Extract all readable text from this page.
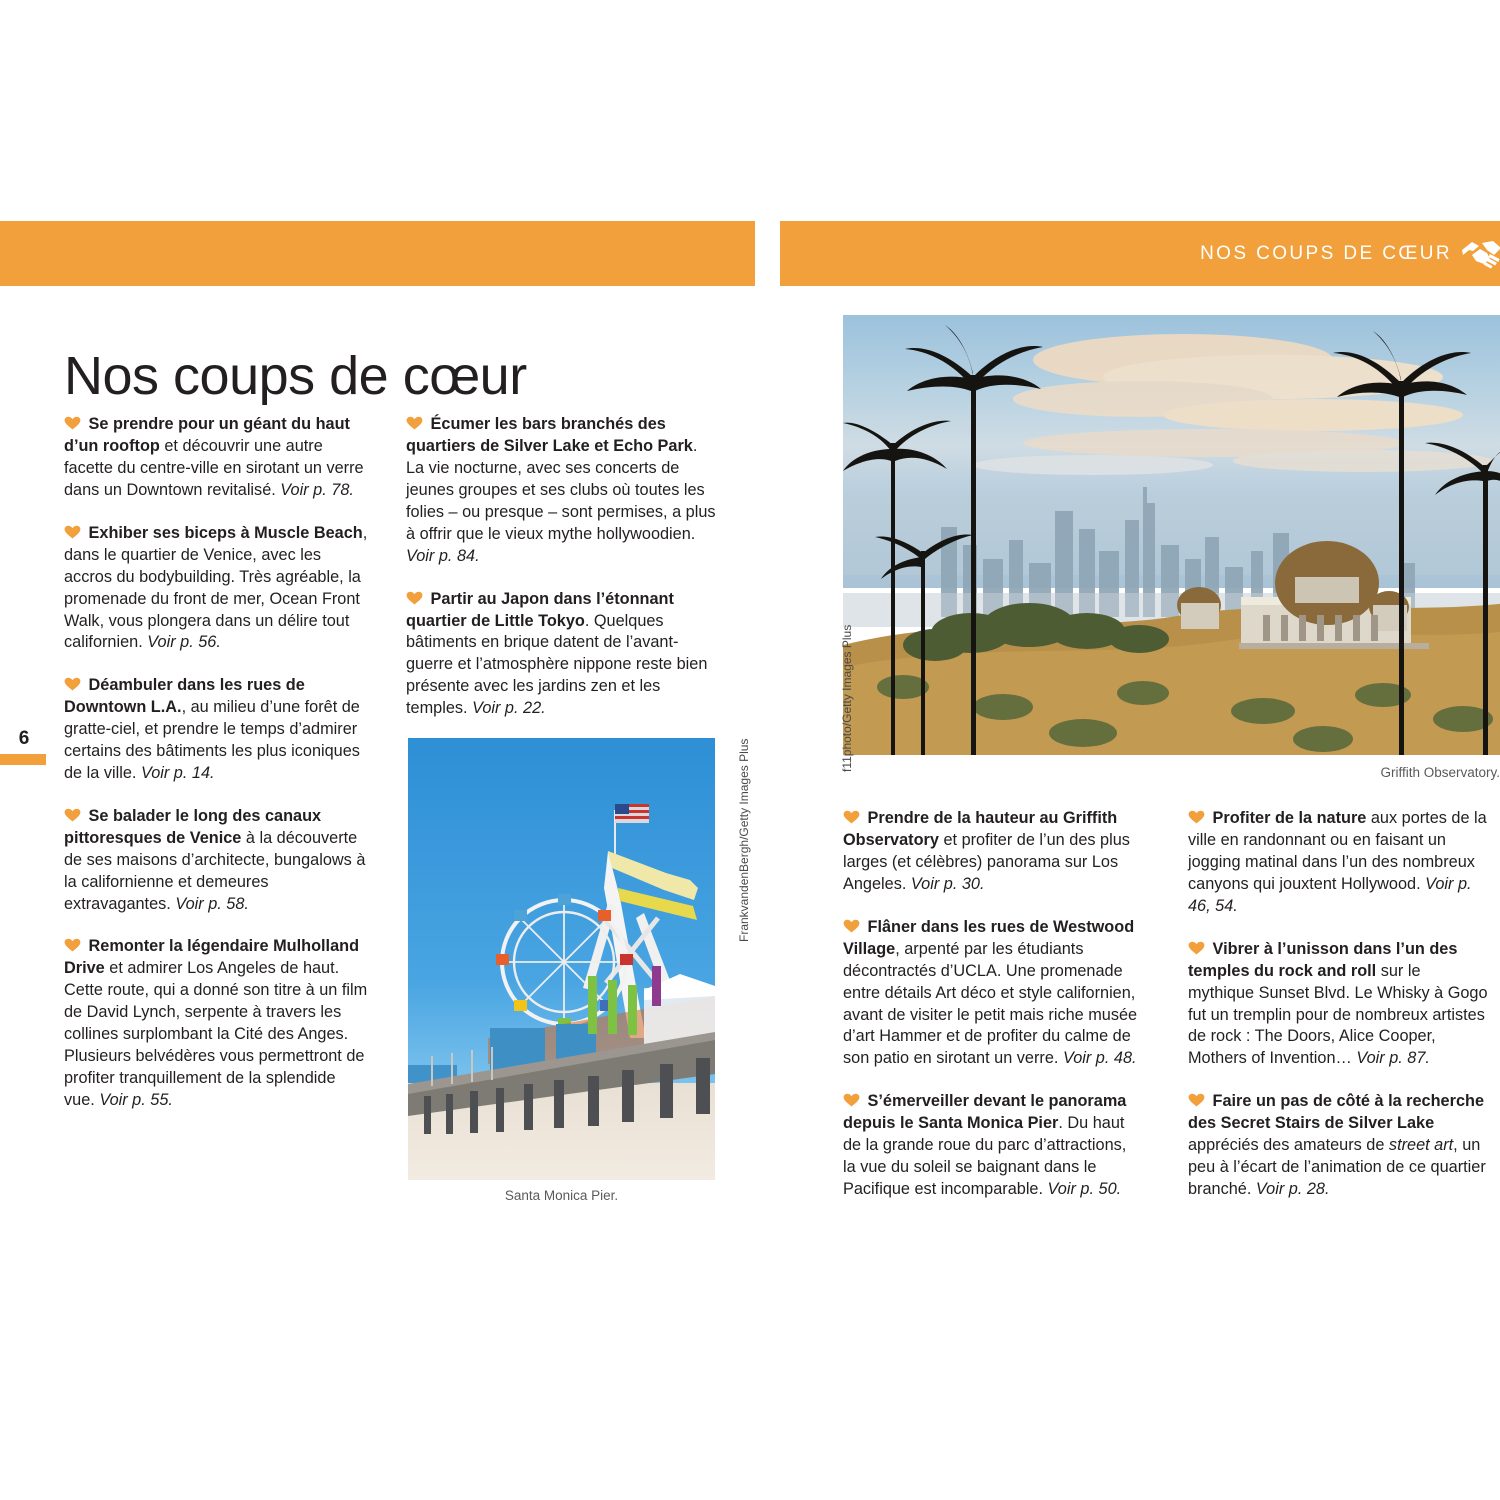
NOS COUPS DE CŒUR
6
Nos coups de cœur

Se prendre pour un géant du haut d’un rooftop et découvrir une autre facette du centre-ville en sirotant un verre dans un Downtown revitalisé. Voir p. 78.

Exhiber ses biceps à Muscle Beach, dans le quartier de Venice, avec les accros du bodybuilding. Très agréable, la promenade du front de mer, Ocean Front Walk, vous plongera dans un délire tout californien. Voir p. 56.

Déambuler dans les rues de Downtown L.A., au milieu d’une forêt de gratte-ciel, et prendre le temps d’admirer certains des bâtiments les plus iconiques de la ville. Voir p. 14.

Se balader le long des canaux pittoresques de Venice à la découverte de ses maisons d’architecte, bungalows à la californienne et demeures extravagantes. Voir p. 58.

Remonter la légendaire Mulholland Drive et admirer Los Angeles de haut. Cette route, qui a donné son titre à un film de David Lynch, serpente à travers les collines surplombant la Cité des Anges. Plusieurs belvédères vous permettront de profiter tranquillement de la splendide vue. Voir p. 55.

Écumer les bars branchés des quartiers de Silver Lake et Echo Park. La vie nocturne, avec ses concerts de jeunes groupes et ses clubs où toutes les folies – ou presque – sont permises, a plus à offrir que le vieux mythe hollywoodien. Voir p. 84.

Partir au Japon dans l’étonnant quartier de Little Tokyo. Quelques bâtiments en brique datent de l’avant-guerre et l’atmosphère nippone reste bien présente avec les jardins zen et les temples. Voir p. 22.

Santa Monica Pier.
FrankvandenBergh/Getty Images Plus	Griffith Observatory.
f11photo/Getty Images Plus

Prendre de la hauteur au Griffith Observatory et profiter de l’un des plus larges (et célèbres) panorama sur Los Angeles. Voir p. 30.

Flâner dans les rues de Westwood Village, arpenté par les étudiants décontractés d’UCLA. Une promenade entre détails Art déco et style californien, avant de visiter le petit mais riche musée d’art Hammer et de profiter du calme de son patio en sirotant un verre. Voir p. 48.

S’émerveiller devant le panorama depuis le Santa Monica Pier. Du haut de la grande roue du parc d’attractions, la vue du soleil se baignant dans le Pacifique est incomparable. Voir p. 50.

Profiter de la nature aux portes de la ville en randonnant ou en faisant un jogging matinal dans l’un des nombreux canyons qui jouxtent Hollywood. Voir p. 46, 54.

Vibrer à l’unisson dans l’un des temples du rock and roll sur le mythique Sunset Blvd. Le Whisky à Gogo fut un tremplin pour de nombreux artistes de rock : The Doors, Alice Cooper, Mothers of Invention… Voir p. 87.

Faire un pas de côté à la recherche des Secret Stairs de Silver Lake appréciés des amateurs de street art, un peu à l’écart de l’animation de ce quartier branché. Voir p. 28.
